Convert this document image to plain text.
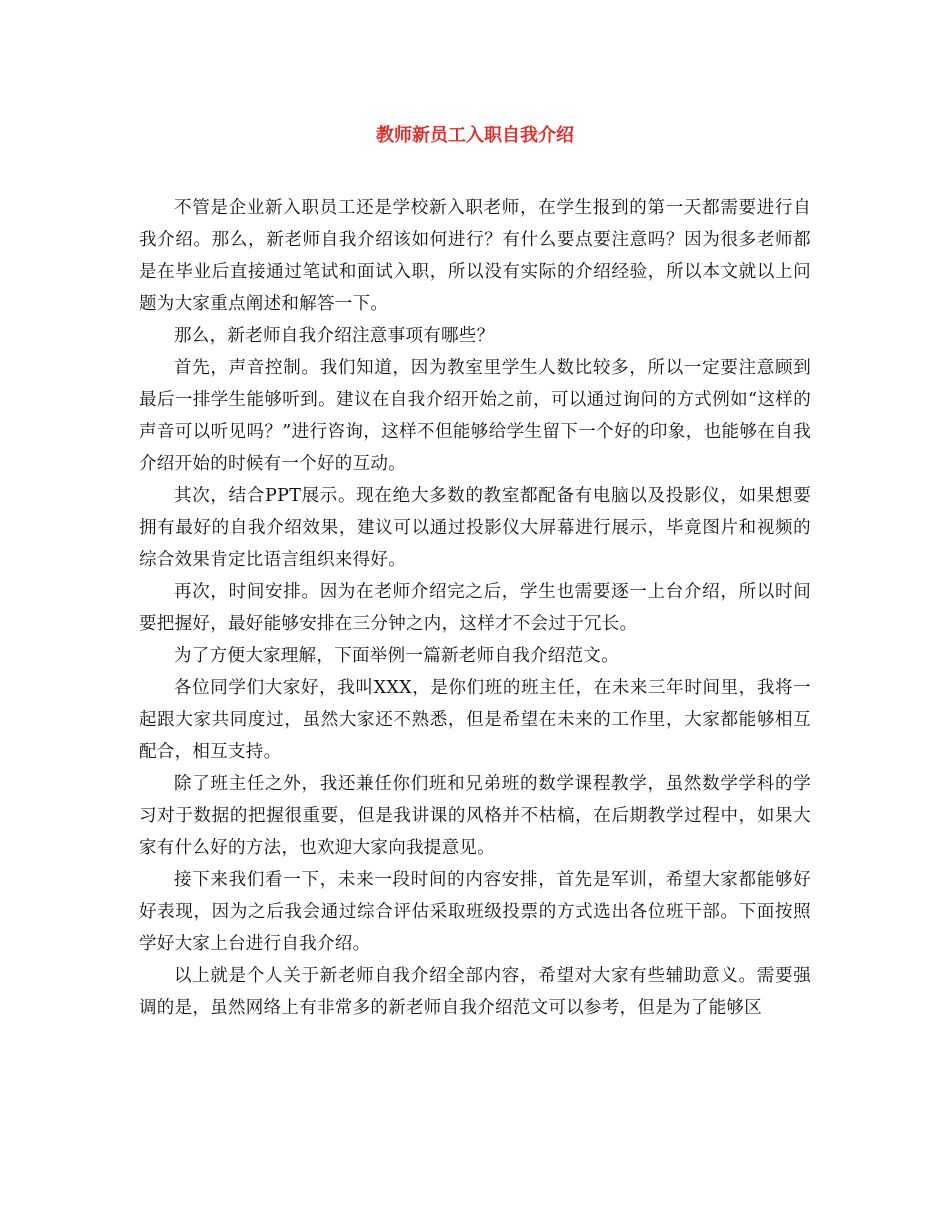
教师新员工入职自我介绍

不管是企业新入职员工还是学校新入职老师，在学生报到的第一天都需要进行自我介绍。那么，新老师自我介绍该如何进行？有什么要点要注意吗？因为很多老师都是在毕业后直接通过笔试和面试入职，所以没有实际的介绍经验，所以本文就以上问题为大家重点阐述和解答一下。

那么，新老师自我介绍注意事项有哪些？

首先，声音控制。我们知道，因为教室里学生人数比较多，所以一定要注意顾到最后一排学生能够听到。建议在自我介绍开始之前，可以通过询问的方式例如“这样的声音可以听见吗？”进行咨询，这样不但能够给学生留下一个好的印象，也能够在自我介绍开始的时候有一个好的互动。

其次，结合PPT展示。现在绝大多数的教室都配备有电脑以及投影仪，如果想要拥有最好的自我介绍效果，建议可以通过投影仪大屏幕进行展示，毕竟图片和视频的综合效果肯定比语言组织来得好。

再次，时间安排。因为在老师介绍完之后，学生也需要逐一上台介绍，所以时间要把握好，最好能够安排在三分钟之内，这样才不会过于冗长。

为了方便大家理解，下面举例一篇新老师自我介绍范文。

各位同学们大家好，我叫XXX，是你们班的班主任，在未来三年时间里，我将一起跟大家共同度过，虽然大家还不熟悉，但是希望在未来的工作里，大家都能够相互配合，相互支持。

除了班主任之外，我还兼任你们班和兄弟班的数学课程教学，虽然数学学科的学习对于数据的把握很重要，但是我讲课的风格并不枯槁，在后期教学过程中，如果大家有什么好的方法，也欢迎大家向我提意见。

接下来我们看一下，未来一段时间的内容安排，首先是军训，希望大家都能够好好表现，因为之后我会通过综合评估采取班级投票的方式选出各位班干部。下面按照学好大家上台进行自我介绍。

以上就是个人关于新老师自我介绍全部内容，希望对大家有些辅助意义。需要强调的是，虽然网络上有非常多的新老师自我介绍范文可以参考，但是为了能够区
